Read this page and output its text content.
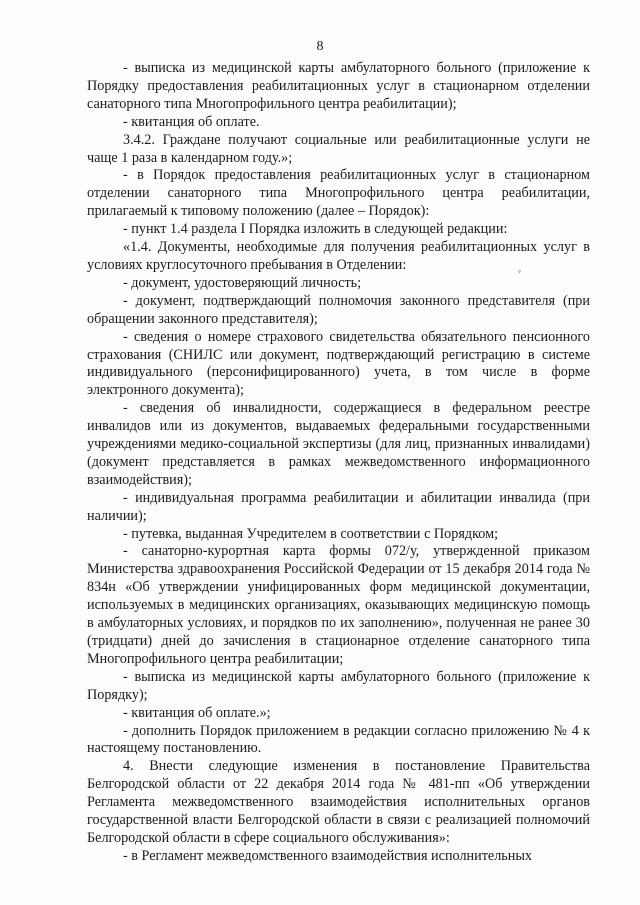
8
ᵛ

- выписка из медицинской карты амбулаторного больного (приложение к Порядку предоставления реабилитационных услуг в стационарном отделении санаторного типа Многопрофильного центра реабилитации);

- квитанция об оплате.

3.4.2. Граждане получают социальные или реабилитационные услуги не чаще 1 раза в календарном году.»;

- в Порядок предоставления реабилитационных услуг в стационарном отделении санаторного типа Многопрофильного центра реабилитации, прилагаемый к типовому положению (далее – Порядок):

- пункт 1.4 раздела I Порядка изложить в следующей редакции:

«1.4. Документы, необходимые для получения реабилитационных услуг в условиях круглосуточного пребывания в Отделении:

- документ, удостоверяющий личность;

- документ, подтверждающий полномочия законного представителя (при обращении законного представителя);

- сведения о номере страхового свидетельства обязательного пенсионного страхования (СНИЛС или документ, подтверждающий регистрацию в системе индивидуального (персонифицированного) учета, в том числе в форме электронного документа);

- сведения об инвалидности, содержащиеся в федеральном реестре инвалидов или из документов, выдаваемых федеральными государственными учреждениями медико-социальной экспертизы (для лиц, признанных инвалидами) (документ представляется в рамках межведомственного информационного взаимодействия);

- индивидуальная программа реабилитации и абилитации инвалида (при наличии);

- путевка, выданная Учредителем в соответствии с Порядком;

- санаторно-курортная карта формы 072/у, утвержденной приказом Министерства здравоохранения Российской Федерации от 15 декабря 2014 года № 834н «Об утверждении унифицированных форм медицинской документации, используемых в медицинских организациях, оказывающих медицинскую помощь в амбулаторных условиях, и порядков по их заполнению», полученная не ранее 30 (тридцати) дней до зачисления в стационарное отделение санаторного типа Многопрофильного центра реабилитации;

- выписка из медицинской карты амбулаторного больного (приложение к Порядку);

- квитанция об оплате.»;

- дополнить Порядок приложением в редакции согласно приложению № 4 к настоящему постановлению.

4. Внести следующие изменения в постановление Правительства Белгородской области от 22 декабря 2014 года № 481-пп «Об утверждении Регламента межведомственного взаимодействия исполнительных органов государственной власти Белгородской области в связи с реализацией полномочий Белгородской области в сфере социального обслуживания»:

- в Регламент межведомственного взаимодействия исполнительных
